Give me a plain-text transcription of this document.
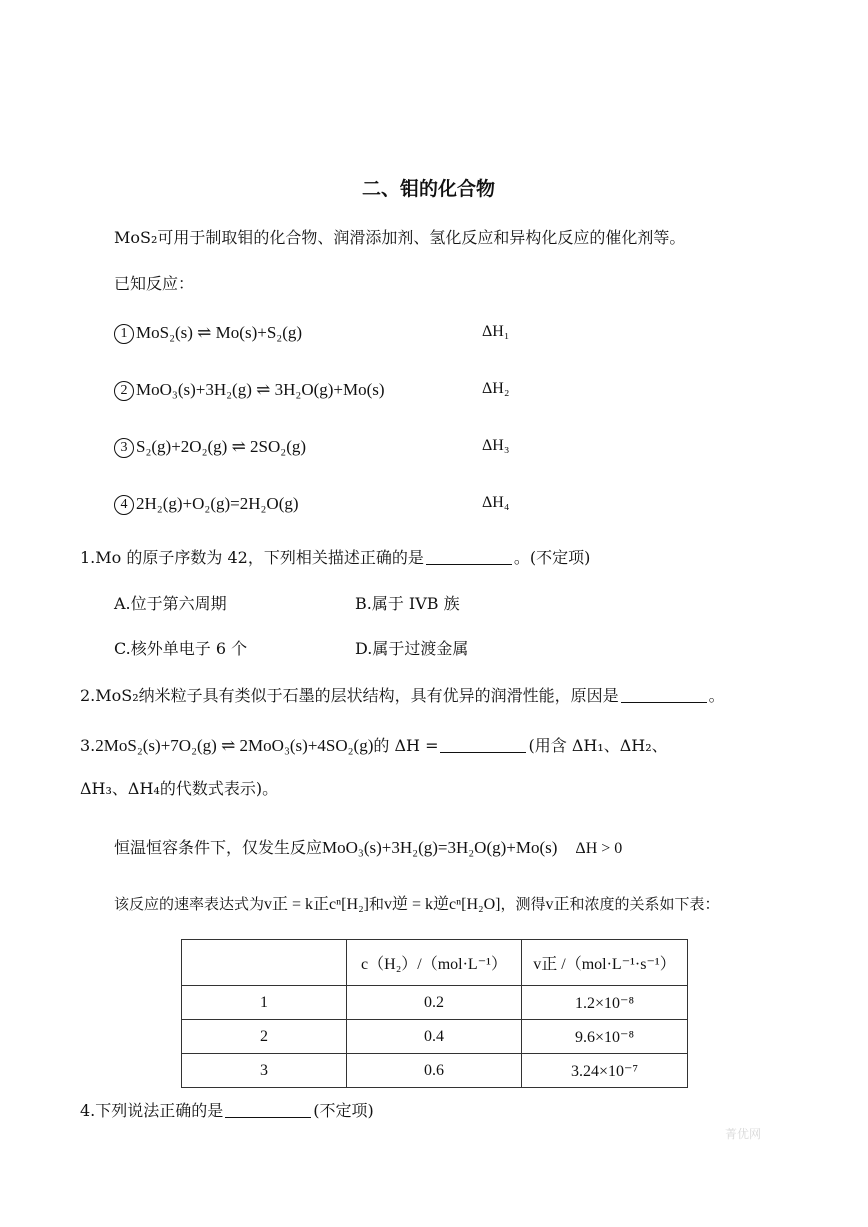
二、钼的化合物
MoS₂可用于制取钼的化合物、润滑添加剂、氢化反应和异构化反应的催化剂等。
已知反应：
1 MoS₂(s) ⇌ Mo(s)+S₂(g)	ΔH₁
2 MoO₃(s)+3H₂(g) ⇌ 3H₂O(g)+Mo(s)	ΔH₂
3 S₂(g)+2O₂(g) ⇌ 2SO₂(g)	ΔH₃
4 2H₂(g)+O₂(g)=2H₂O(g)	ΔH₄
1.Mo 的原子序数为 42，下列相关描述正确的是	。(不定项)
A.位于第六周期	B.属于 IVB 族
C.核外单电子 6 个	D.属于过渡金属
2.MoS₂纳米粒子具有类似于石墨的层状结构，具有优异的润滑性能，原因是	。
3.2MoS₂(s)+7O₂(g) ⇌ 2MoO₃(s)+4SO₂(g)的 ΔH =	(用含 ΔH₁、ΔH₂、
ΔH₃、ΔH₄的代数式表示)。
恒温恒容条件下，仅发生反应MoO₃(s)+3H₂(g)=3H₂O(g)+Mo(s) ΔH > 0
该反应的速率表达式为v正 = k正cⁿ[H₂]和v逆 = k逆cⁿ[H₂O]，测得v正和浓度的关系如下表：
	c（H₂）/（mol·L⁻¹）	v正 /（mol·L⁻¹·s⁻¹）
1	0.2	1.2×10⁻⁸
2	0.4	9.6×10⁻⁸
3	0.6	3.24×10⁻⁷
4.下列说法正确的是	(不定项)
菁优网
